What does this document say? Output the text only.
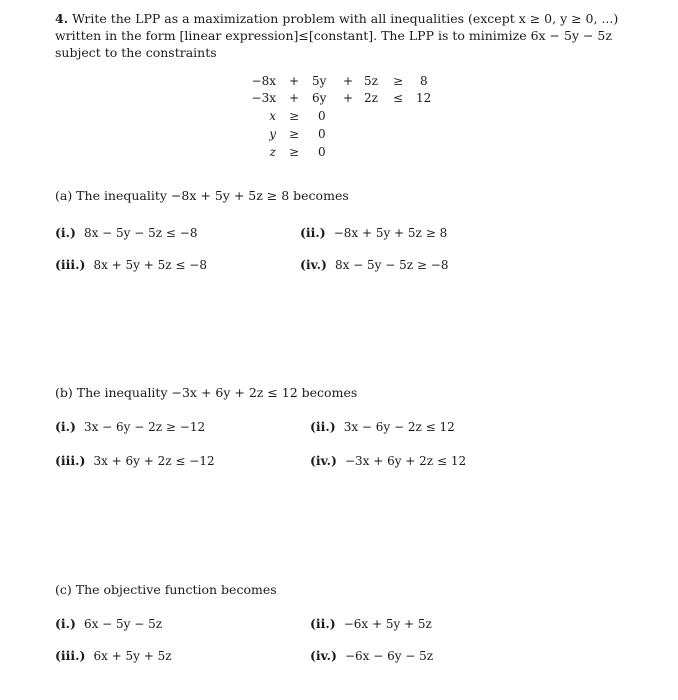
4. Write the LPP as a maximization problem with all inequalities (except x ≥ 0, y ≥ 0, ...) written in the form [linear expression]≤[constant]. The LPP is to minimize 6x − 5y − 5z subject to the constraints
−8x + 5y + 5z ≥ 8
−3x + 6y + 2z ≤ 12
x ≥ 0
y ≥ 0
z ≥ 0
(a) The inequality −8x + 5y + 5z ≥ 8 becomes
(i.) 8x − 5y − 5z ≤ −8	(ii.) −8x + 5y + 5z ≥ 8
(iii.) 8x + 5y + 5z ≤ −8	(iv.) 8x − 5y − 5z ≥ −8
(b) The inequality −3x + 6y + 2z ≤ 12 becomes
(i.) 3x − 6y − 2z ≥ −12	(ii.) 3x − 6y − 2z ≤ 12
(iii.) 3x + 6y + 2z ≤ −12	(iv.) −3x + 6y + 2z ≤ 12
(c) The objective function becomes
(i.) 6x − 5y − 5z	(ii.) −6x + 5y + 5z
(iii.) 6x + 5y + 5z	(iv.) −6x − 6y − 5z
